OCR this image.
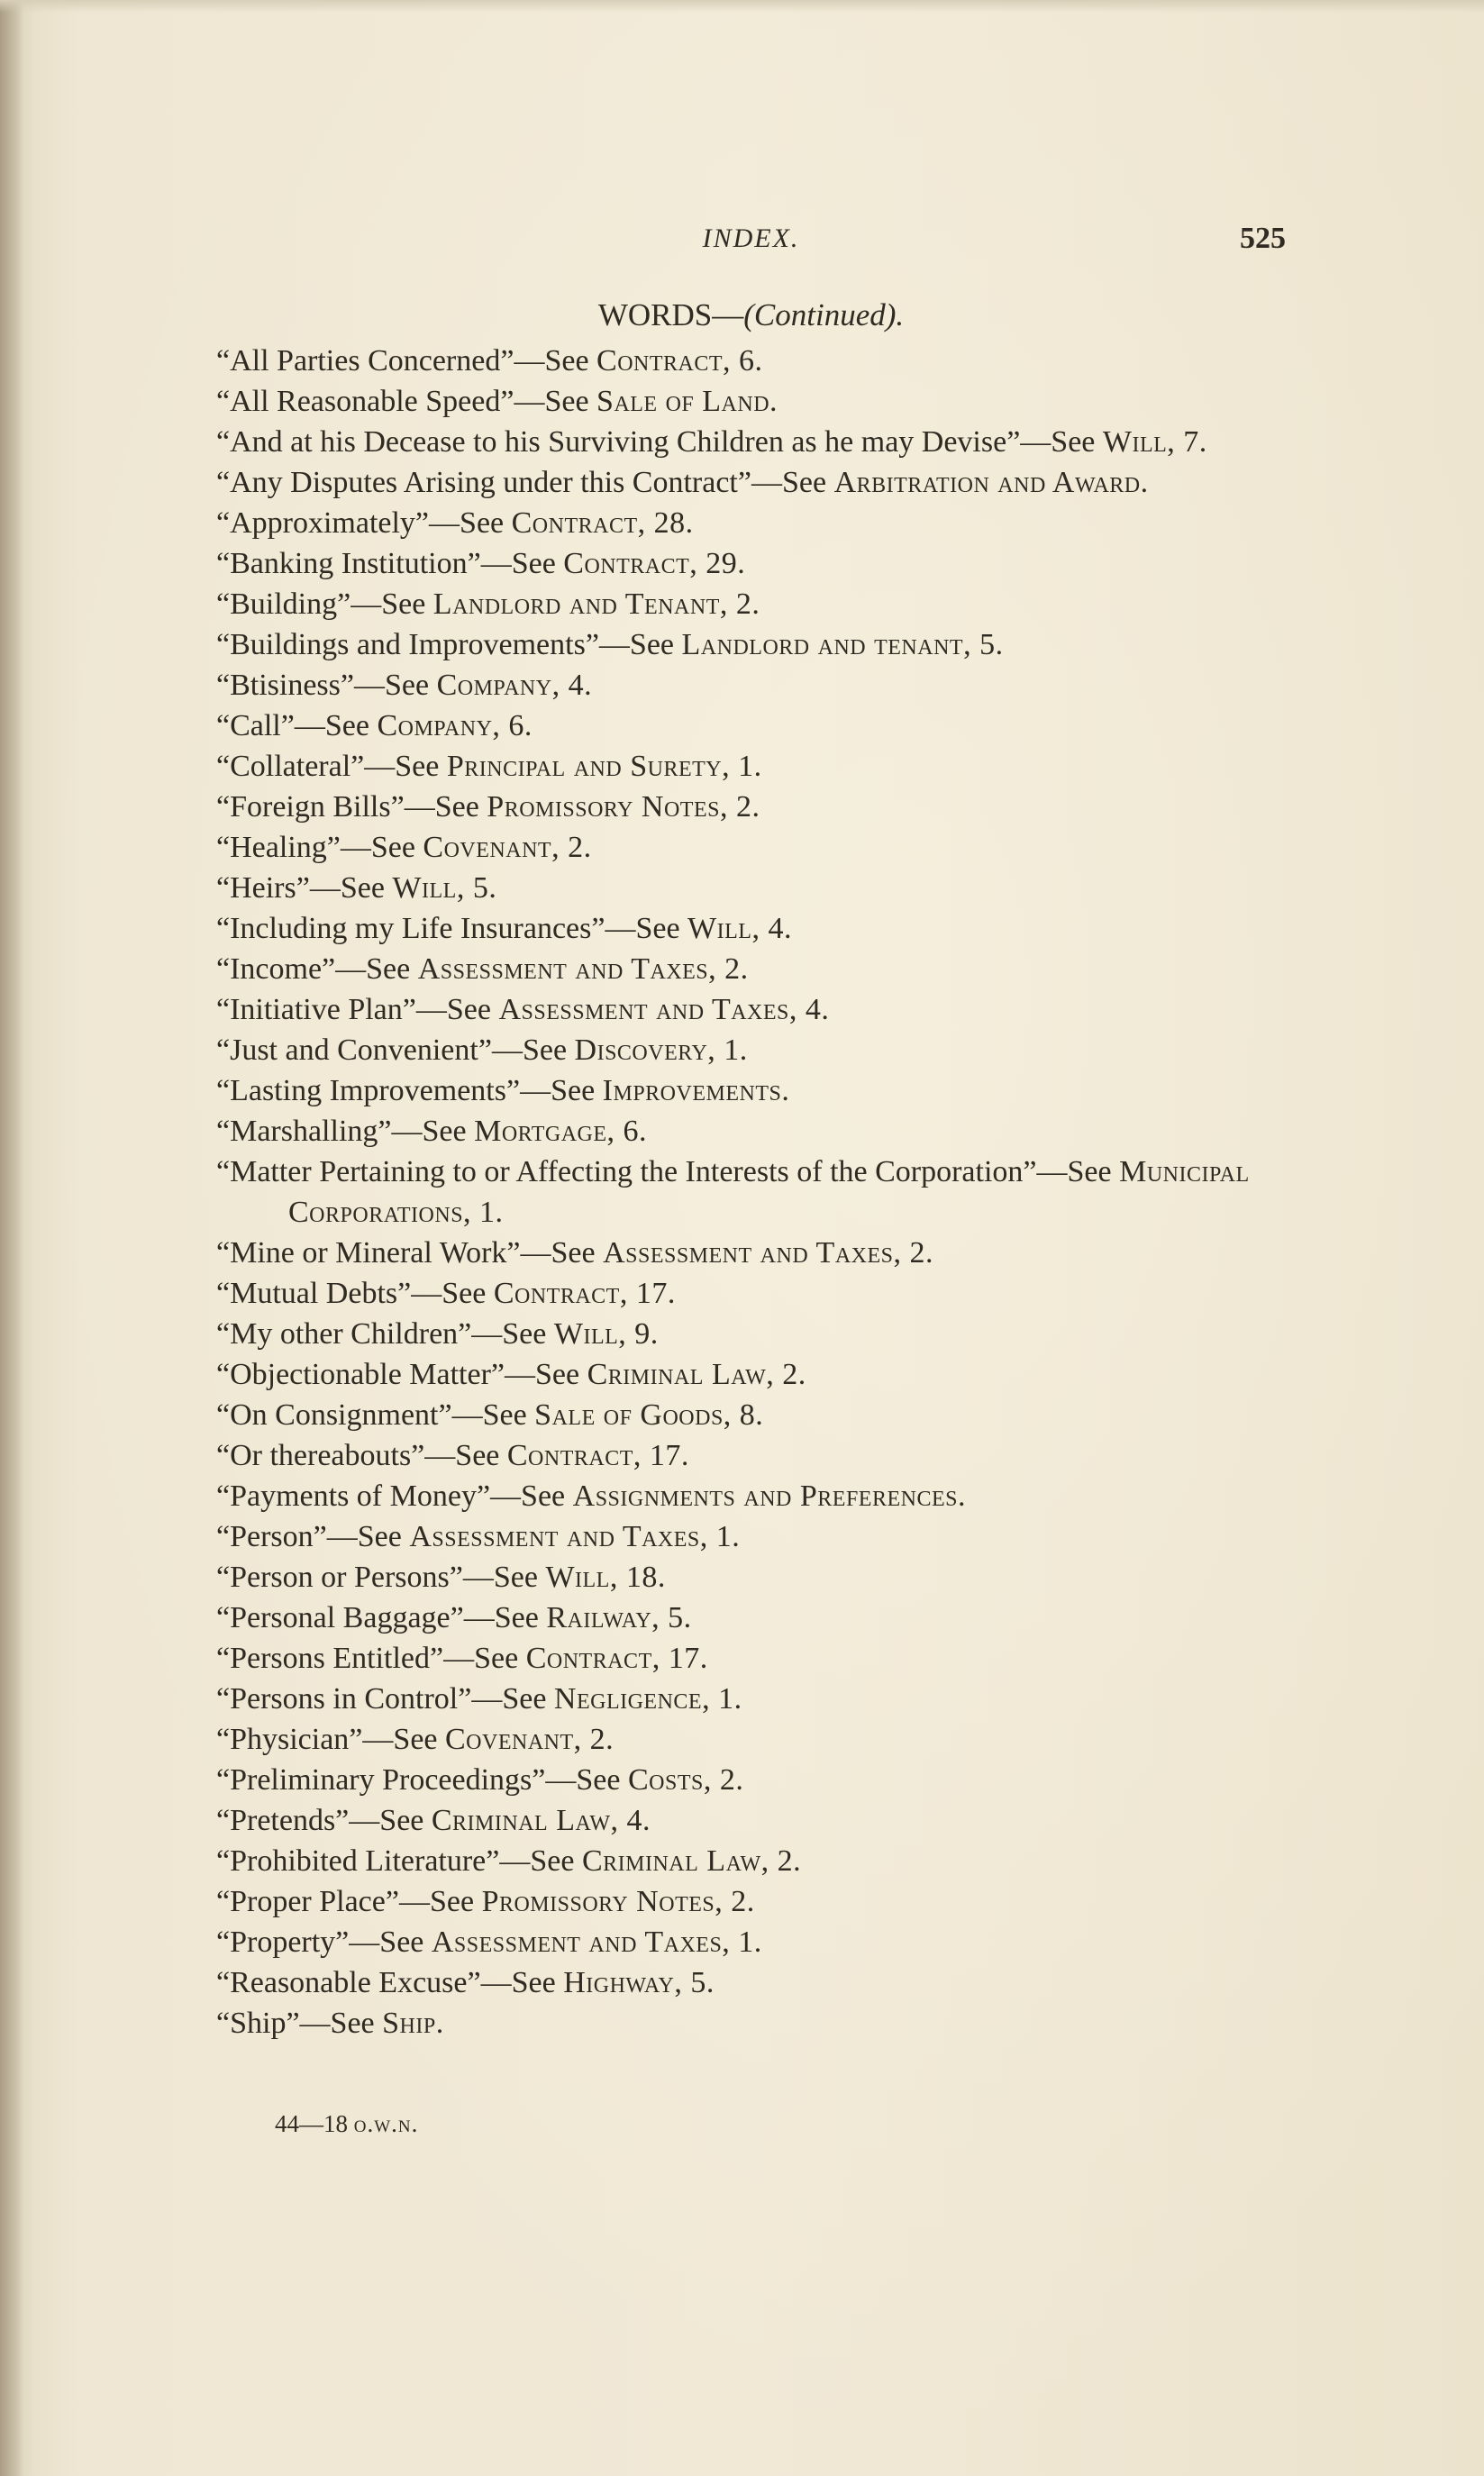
INDEX.	525
WORDS—(Continued).
“All Parties Concerned”—See Contract, 6.
“All Reasonable Speed”—See Sale of Land.
“And at his Decease to his Surviving Children as he may Devise”—See Will, 7.
“Any Disputes Arising under this Contract”—See Arbitration and Award.
“Approximately”—See Contract, 28.
“Banking Institution”—See Contract, 29.
“Building”—See Landlord and Tenant, 2.
“Buildings and Improvements”—See Landlord and tenant, 5.
“Btisiness”—See Company, 4.
“Call”—See Company, 6.
“Collateral”—See Principal and Surety, 1.
“Foreign Bills”—See Promissory Notes, 2.
“Healing”—See Covenant, 2.
“Heirs”—See Will, 5.
“Including my Life Insurances”—See Will, 4.
“Income”—See Assessment and Taxes, 2.
“Initiative Plan”—See Assessment and Taxes, 4.
“Just and Convenient”—See Discovery, 1.
“Lasting Improvements”—See Improvements.
“Marshalling”—See Mortgage, 6.
“Matter Pertaining to or Affecting the Interests of the Corporation”—See Municipal Corporations, 1.
“Mine or Mineral Work”—See Assessment and Taxes, 2.
“Mutual Debts”—See Contract, 17.
“My other Children”—See Will, 9.
“Objectionable Matter”—See Criminal Law, 2.
“On Consignment”—See Sale of Goods, 8.
“Or thereabouts”—See Contract, 17.
“Payments of Money”—See Assignments and Preferences.
“Person”—See Assessment and Taxes, 1.
“Person or Persons”—See Will, 18.
“Personal Baggage”—See Railway, 5.
“Persons Entitled”—See Contract, 17.
“Persons in Control”—See Negligence, 1.
“Physician”—See Covenant, 2.
“Preliminary Proceedings”—See Costs, 2.
“Pretends”—See Criminal Law, 4.
“Prohibited Literature”—See Criminal Law, 2.
“Proper Place”—See Promissory Notes, 2.
“Property”—See Assessment and Taxes, 1.
“Reasonable Excuse”—See Highway, 5.
“Ship”—See Ship.
44—18 o.w.n.
